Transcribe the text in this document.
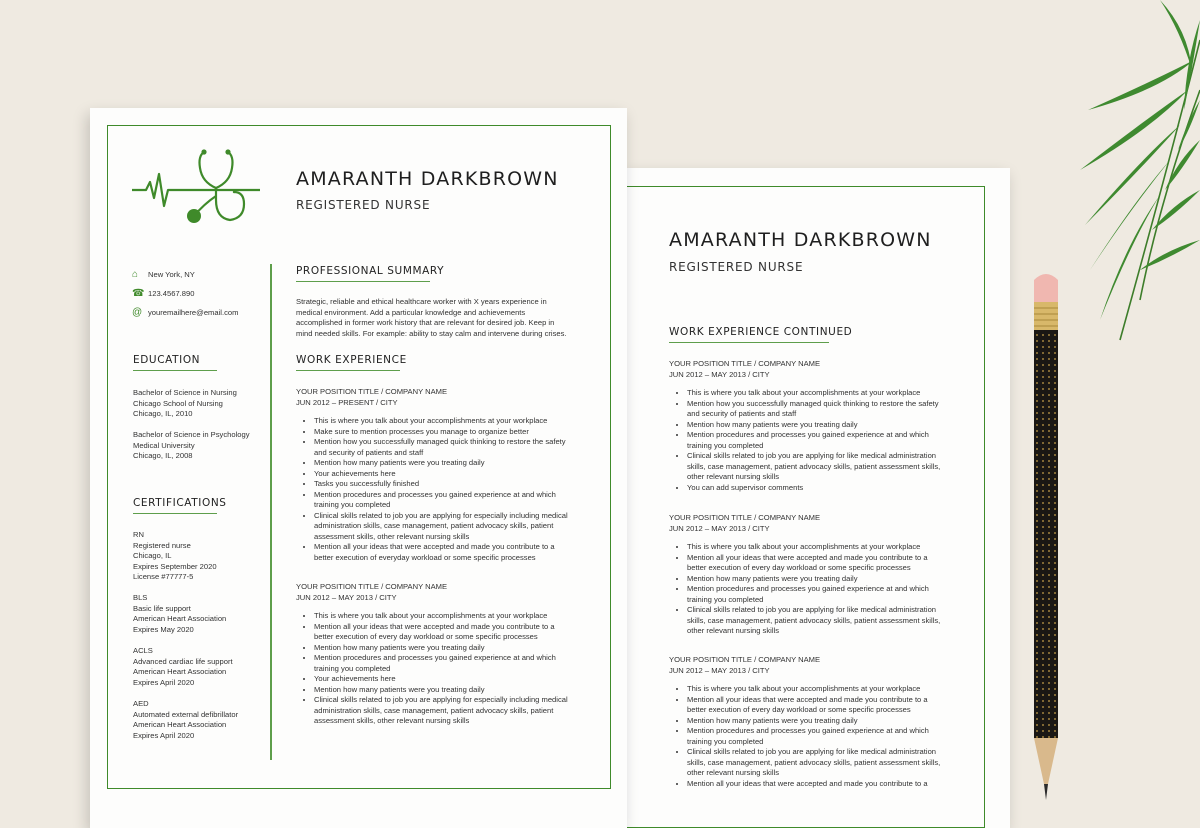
AMARANTH DARKBROWN
REGISTERED NURSE
WORK EXPERIENCE CONTINUED
YOUR POSITION TITLE / COMPANY NAME
JUN 2012 – MAY 2013 / CITY
• This is where you talk about your accomplishments at your workplace
• Mention how you successfully managed quick thinking to restore the safety
and security of patients and staff
• Mention how many patients were you treating daily
• Mention procedures and processes you gained experience at and which
training you completed
• Clinical skills related to job you are applying for like medical administration
skills, case management, patient advocacy skills, patient assessment skills,
other relevant nursing skills
• You can add supervisor comments
YOUR POSITION TITLE / COMPANY NAME
JUN 2012 – MAY 2013 / CITY
• This is where you talk about your accomplishments at your workplace
• Mention all your ideas that were accepted and made you contribute to a
better execution of every day workload or some specific processes
• Mention how many patients were you treating daily
• Mention procedures and processes you gained experience at and which
training you completed
• Clinical skills related to job you are applying for like medical administration
skills, case management, patient advocacy skills, patient assessment skills,
other relevant nursing skills
YOUR POSITION TITLE / COMPANY NAME
JUN 2012 – MAY 2013 / CITY
• This is where you talk about your accomplishments at your workplace
• Mention all your ideas that were accepted and made you contribute to a
better execution of every day workload or some specific processes
• Mention how many patients were you treating daily
• Mention procedures and processes you gained experience at and which
training you completed
• Clinical skills related to job you are applying for like medical administration
skills, case management, patient advocacy skills, patient assessment skills,
other relevant nursing skills
• Mention all your ideas that were accepted and made you contribute to a
AMARANTH DARKBROWN
REGISTERED NURSE
⌂	New York, NY
☎ 123.4567.890
@ youremailhere@email.com
EDUCATION
Bachelor of Science in Nursing
Chicago School of Nursing
Chicago, IL, 2010
Bachelor of Science in Psychology
Medical University
Chicago, IL, 2008
CERTIFICATIONS
RN
Registered nurse
Chicago, IL
Expires September 2020
License #77777-5
BLS
Basic life support
American Heart Association
Expires May 2020
ACLS
Advanced cardiac life support
American Heart Association
Expires April 2020
AED
Automated external defibrillator
American Heart Association
Expires April 2020
PROFESSIONAL SUMMARY
Strategic, reliable and ethical healthcare worker with X years experience in
medical environment. Add a particular knowledge and achievements
accomplished in former work history that are relevant for desired job. Keep in
mind needed skills. For example: ability to stay calm and intervene during crises.
WORK EXPERIENCE
YOUR POSITION TITLE / COMPANY NAME
JUN 2012 – PRESENT / CITY
• This is where you talk about your accomplishments at your workplace
• Make sure to mention processes you manage to organize better
• Mention how you successfully managed quick thinking to restore the safety
and security of patients and staff
• Mention how many patients were you treating daily
• Your achievements here
• Tasks you successfully finished
• Mention procedures and processes you gained experience at and which
training you completed
• Clinical skills related to job you are applying for especially including medical
administration skills, case management, patient advocacy skills, patient
assessment skills, other relevant nursing skills
• Mention all your ideas that were accepted and made you contribute to a
better execution of everyday workload or some specific processes
YOUR POSITION TITLE / COMPANY NAME
JUN 2012 – MAY 2013 / CITY
• This is where you talk about your accomplishments at your workplace
• Mention all your ideas that were accepted and made you contribute to a
better execution of every day workload or some specific processes
• Mention how many patients were you treating daily
• Mention procedures and processes you gained experience at and which
training you completed
• Your achievements here
• Mention how many patients were you treating daily
• Clinical skills related to job you are applying for especially including medical
administration skills, case management, patient advocacy skills, patient
assessment skills, other relevant nursing skills
